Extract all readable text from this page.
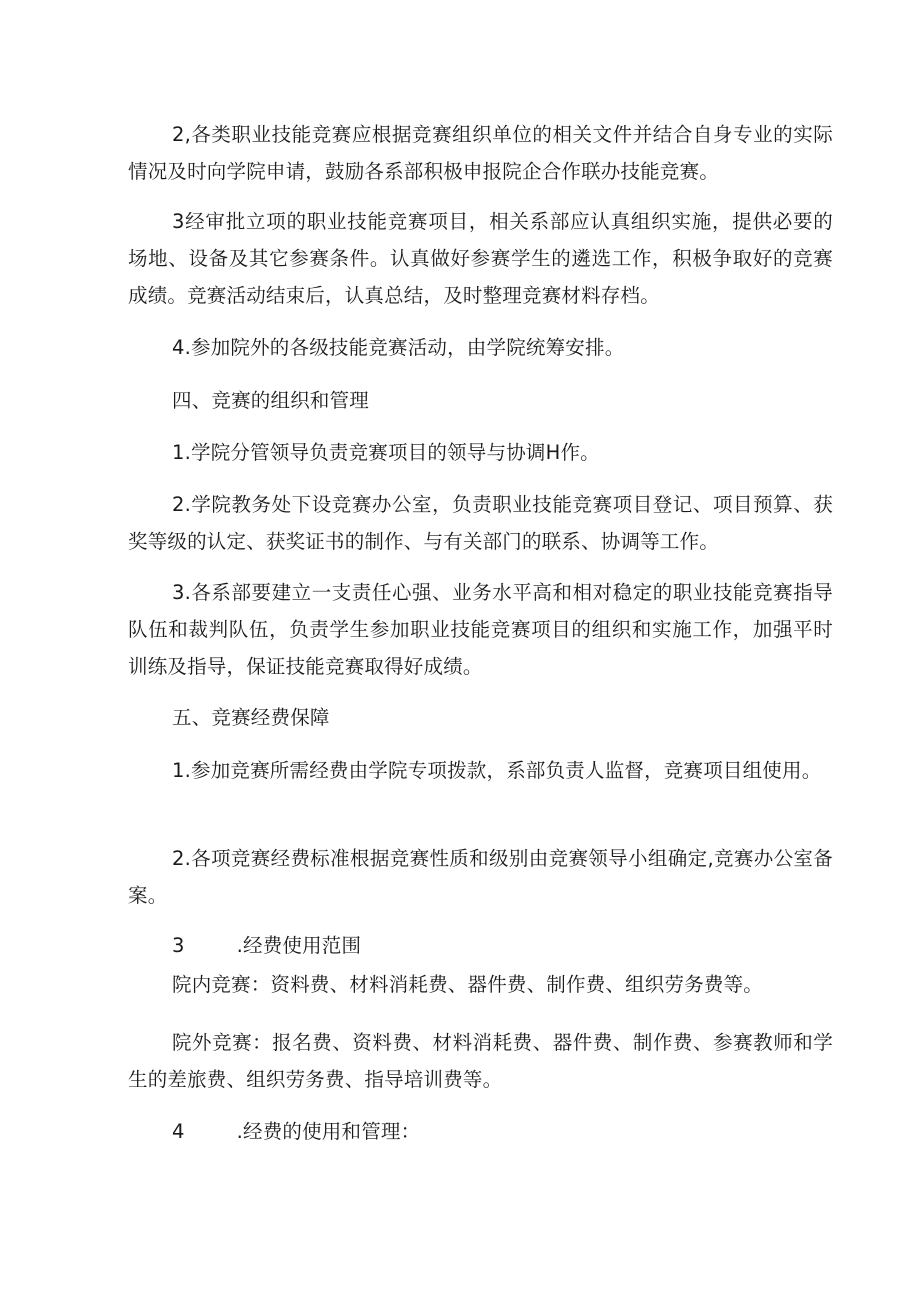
2,各类职业技能竞赛应根据竞赛组织单位的相关文件并结合自身专业的实际情况及时向学院申请，鼓励各系部积极申报院企合作联办技能竞赛。

3经审批立项的职业技能竞赛项目，相关系部应认真组织实施，提供必要的场地、设备及其它参赛条件。认真做好参赛学生的遴选工作，积极争取好的竞赛成绩。竞赛活动结束后，认真总结，及时整理竞赛材料存档。

4.参加院外的各级技能竞赛活动，由学院统筹安排。

四、竞赛的组织和管理

1.学院分管领导负责竞赛项目的领导与协调H作。

2.学院教务处下设竞赛办公室，负责职业技能竞赛项目登记、项目预算、获奖等级的认定、获奖证书的制作、与有关部门的联系、协调等工作。

3.各系部要建立一支责任心强、业务水平高和相对稳定的职业技能竞赛指导队伍和裁判队伍，负责学生参加职业技能竞赛项目的组织和实施工作，加强平时训练及指导，保证技能竞赛取得好成绩。

五、竞赛经费保障

1.参加竞赛所需经费由学院专项拨款，系部负责人监督，竞赛项目组使用。

2.各项竞赛经费标准根据竞赛性质和级别由竞赛领导小组确定,竞赛办公室备案。

3	.经费使用范围

院内竞赛：资料费、材料消耗费、器件费、制作费、组织劳务费等。

院外竞赛：报名费、资料费、材料消耗费、器件费、制作费、参赛教师和学生的差旅费、组织劳务费、指导培训费等。

4	.经费的使用和管理：
